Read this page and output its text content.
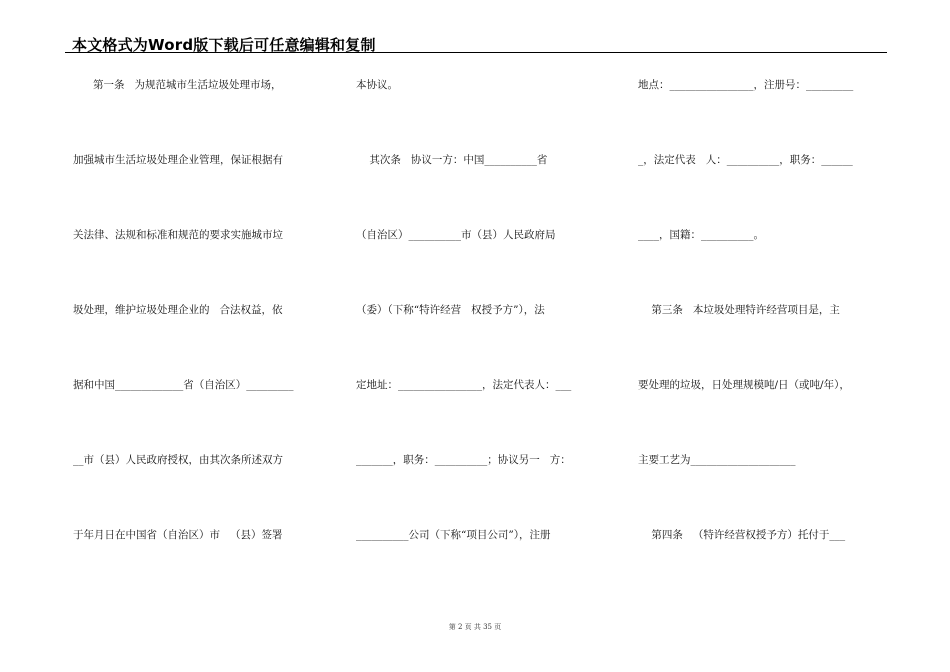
本文格式为Word版下载后可任意编辑和复制
第一条   为规范城市生活垃圾处理市场，
加强城市生活垃圾处理企业管理，保证根据有
关法律、法规和标准和规范的要求实施城市垃
圾处理，维护垃圾处理企业的   合法权益，依
据和中国_____________省（自治区）_________
__市（县）人民政府授权，由其次条所述双方
于年月日在中国省（自治区）市   （县）签署
本协议。
其次条   协议一方：中国__________省
（自治区）__________市（县）人民政府局
（委）（下称“特许经营   权授予方”），法
定地址：________________，法定代表人：___
_______，职务：__________；协议另一   方：
__________公司（下称“项目公司”），注册
地点：________________，注册号：_________
_，法定代表   人：__________，职务：______
____，国籍：__________。
第三条   本垃圾处理特许经营项目是，主
要处理的垃圾，日处理规模吨/日（或吨/年），
主要工艺为____________________
第四条   （特许经营权授予方）托付于___
第 2 页 共 35 页
